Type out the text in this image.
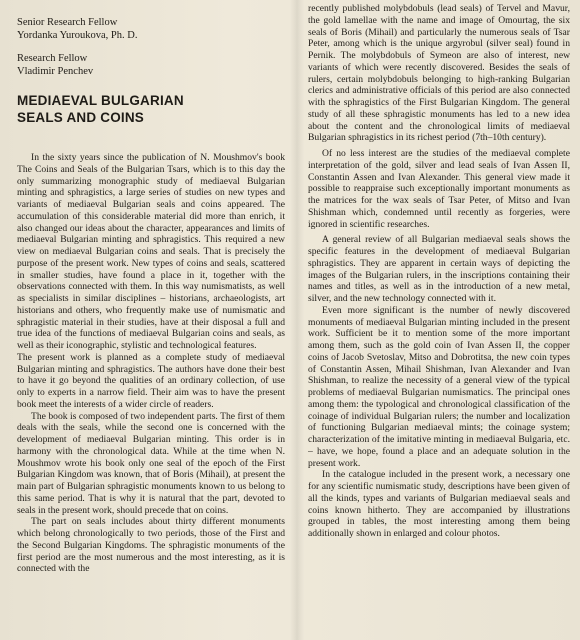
Senior Research Fellow

Yordanka Yuroukova, Ph. D.

Research Fellow

Vladimir Penchev

MEDIAEVAL BULGARIAN
SEALS AND COINS

In the sixty years since the publication of N. Moushmov's book The Coins and Seals of the Bulgarian Tsars, which is to this day the only summarizing monographic study of mediaeval Bulgarian minting and sphragistics, a large series of studies on new types and variants of mediaeval Bulgarian seals and coins appeared. The accumulation of this considerable material did more than enrich, it also changed our ideas about the character, appearances and limits of mediaeval Bulgarian minting and sphragistics. This required a new view on mediaeval Bulgarian coins and seals. That is precisely the purpose of the present work. New types of coins and seals, scattered in smaller studies, have found a place in it, together with the observations connected with them. In this way numismatists, as well as specialists in similar disciplines – historians, archaeologists, art historians and others, who frequently make use of numismatic and sphragistic material in their studies, have at their disposal a full and true idea of the functions of mediaeval Bulgarian coins and seals, as well as their iconographic, stylistic and technological features.

The present work is planned as a complete study of mediaeval Bulgarian minting and sphragistics. The authors have done their best to have it go beyond the qualities of an ordinary collection, of use only to experts in a narrow field. Their aim was to have the present book meet the interests of a wider circle of readers.

The book is composed of two independent parts. The first of them deals with the seals, while the second one is concerned with the development of mediaeval Bulgarian minting. This order is in harmony with the chronological data. While at the time when N. Moushmov wrote his book only one seal of the epoch of the First Bulgarian Kingdom was known, that of Boris (Mihail), at present the main part of Bulgarian sphragistic monuments known to us belong to this same period. That is why it is natural that the part, devoted to seals in the present work, should precede that on coins.

The part on seals includes about thirty different monuments which belong chronologically to two periods, those of the First and the Second Bulgarian Kingdoms. The sphragistic monuments of the first period are the most numerous and the most interesting, as it is connected with the

recently published molybdobuls (lead seals) of Tervel and Mavur, the gold lamellae with the name and image of Omourtag, the six seals of Boris (Mihail) and particularly the numerous seals of Tsar Peter, among which is the unique argyrobul (silver seal) found in Pernik. The molybdobuls of Symeon are also of interest, new variants of which were recently discovered. Besides the seals of rulers, certain molybdobuls belonging to high-ranking Bulgarian clerics and administrative officials of this period are also connected with the sphragistics of the First Bulgarian Kingdom. The general study of all these sphragistic monuments has led to a new idea about the content and the chronological limits of mediaeval Bulgarian sphragistics in its richest period (7th–10th century).

Of no less interest are the studies of the mediaeval complete interpretation of the gold, silver and lead seals of Ivan Assen II, Constantin Assen and Ivan Alexander. This general view made it possible to reappraise such exceptionally important monuments as the matrices for the wax seals of Tsar Peter, of Mitso and Ivan Shishman which, condemned until recently as forgeries, were ignored in scientific researches.

A general review of all Bulgarian mediaeval seals shows the specific features in the development of mediaeval Bulgarian sphragistics. They are apparent in certain ways of depicting the images of the Bulgarian rulers, in the inscriptions containing their names and titles, as well as in the introduction of a new metal, silver, and the new technology connected with it.

Even more significant is the number of newly discovered monuments of mediaeval Bulgarian minting included in the present work. Sufficient be it to mention some of the more important among them, such as the gold coin of Ivan Assen II, the copper coins of Jacob Svetoslav, Mitso and Dobrotitsa, the new coin types of Constantin Assen, Mihail Shishman, Ivan Alexander and Ivan Shishman, to realize the necessity of a general view of the typical problems of mediaeval Bulgarian numismatics. The principal ones among them: the typological and chronological classification of the coinage of individual Bulgarian rulers; the number and localization of functioning Bulgarian mediaeval mints; the coinage system; characterization of the imitative minting in mediaeval Bulgaria, etc. – have, we hope, found a place and an adequate solution in the present work.

In the catalogue included in the present work, a necessary one for any scientific numismatic study, descriptions have been given of all the kinds, types and variants of Bulgarian mediaeval seals and coins known hitherto. They are accompanied by illustrations grouped in tables, the most interesting among them being additionally shown in enlarged and colour photos.
